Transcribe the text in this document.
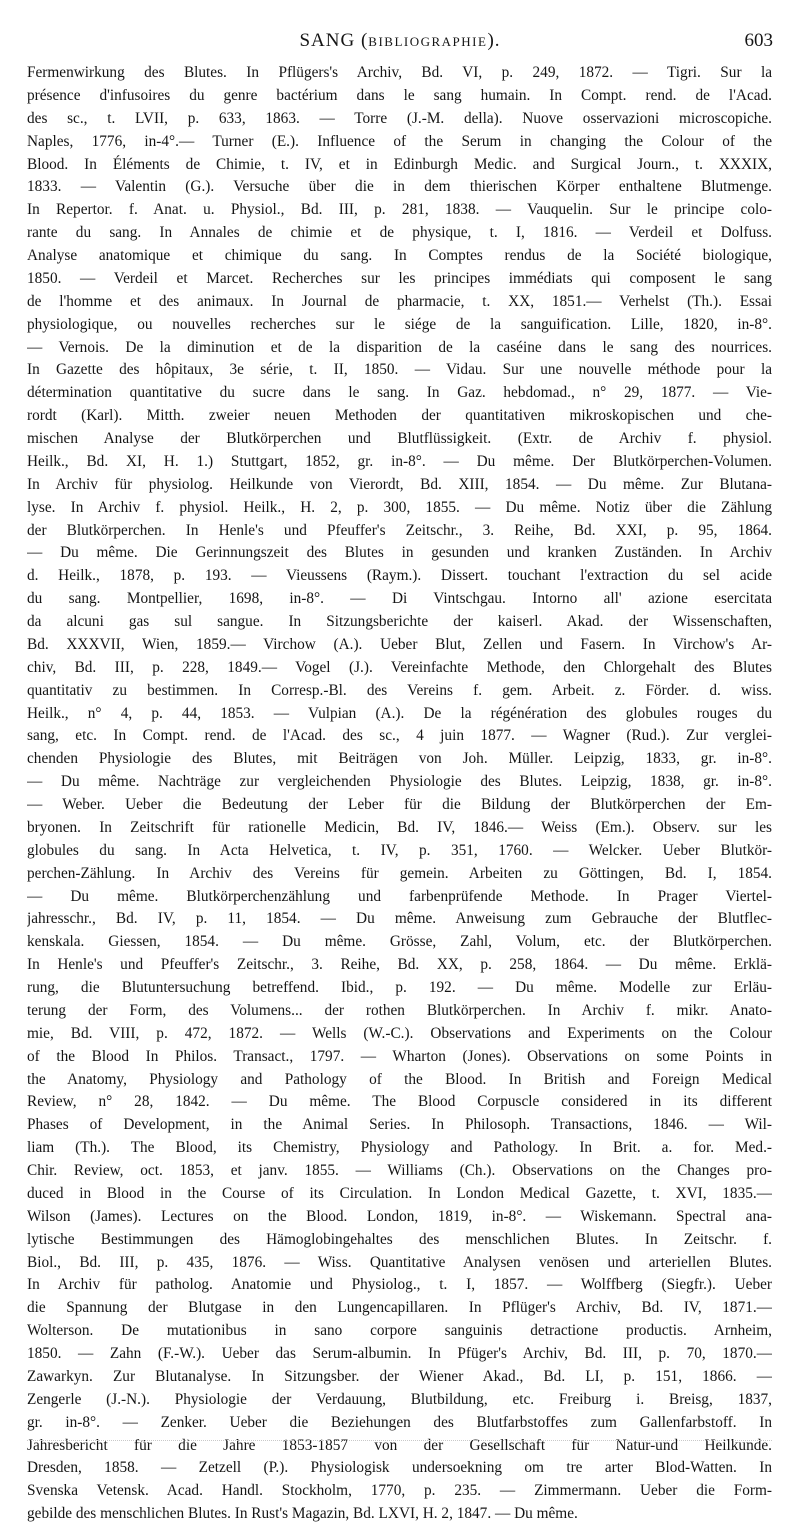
SANG (bibliographie).	603
Fermenwirkung des Blutes. In Pflügers's Archiv, Bd. VI, p. 249, 1872. — Tigri. Sur la
présence d'infusoires du genre bactérium dans le sang humain. In Compt. rend. de l'Acad.
des sc., t. LVII, p. 633, 1863. — Torre (J.-M. della). Nuove osservazioni microscopiche.
Naples, 1776, in-4°.— Turner (E.). Influence of the Serum in changing the Colour of the
Blood. In Éléments de Chimie, t. IV, et in Edinburgh Medic. and Surgical Journ., t. XXXIX,
1833. — Valentin (G.). Versuche über die in dem thierischen Körper enthaltene Blutmenge.
In Repertor. f. Anat. u. Physiol., Bd. III, p. 281, 1838. — Vauquelin. Sur le principe colo-
rante du sang. In Annales de chimie et de physique, t. I, 1816. — Verdeil et Dolfuss.
Analyse anatomique et chimique du sang. In Comptes rendus de la Société biologique,
1850. — Verdeil et Marcet. Recherches sur les principes immédiats qui composent le sang
de l'homme et des animaux. In Journal de pharmacie, t. XX, 1851.— Verhelst (Th.). Essai
physiologique, ou nouvelles recherches sur le siége de la sanguification. Lille, 1820, in-8°.
— Vernois. De la diminution et de la disparition de la caséine dans le sang des nourrices.
In Gazette des hôpitaux, 3e série, t. II, 1850. — Vidau. Sur une nouvelle méthode pour la
détermination quantitative du sucre dans le sang. In Gaz. hebdomad., n° 29, 1877. — Vie-
rordt (Karl). Mitth. zweier neuen Methoden der quantitativen mikroskopischen und che-
mischen Analyse der Blutkörperchen und Blutflüssigkeit. (Extr. de Archiv f. physiol.
Heilk., Bd. XI, H. 1.) Stuttgart, 1852, gr. in-8°. — Du même. Der Blutkörperchen-Volumen.
In Archiv für physiolog. Heilkunde von Vierordt, Bd. XIII, 1854. — Du même. Zur Blutana-
lyse. In Archiv f. physiol. Heilk., H. 2, p. 300, 1855. — Du même. Notiz über die Zählung
der Blutkörperchen. In Henle's und Pfeuffer's Zeitschr., 3. Reihe, Bd. XXI, p. 95, 1864.
— Du même. Die Gerinnungszeit des Blutes in gesunden und kranken Zuständen. In Archiv
d. Heilk., 1878, p. 193. — Vieussens (Raym.). Dissert. touchant l'extraction du sel acide
du sang. Montpellier, 1698, in-8°. — Di Vintschgau. Intorno all' azione esercitata
da alcuni gas sul sangue. In Sitzungsberichte der kaiserl. Akad. der Wissenschaften,
Bd. XXXVII, Wien, 1859.— Virchow (A.). Ueber Blut, Zellen und Fasern. In Virchow's Ar-
chiv, Bd. III, p. 228, 1849.— Vogel (J.). Vereinfachte Methode, den Chlorgehalt des Blutes
quantitativ zu bestimmen. In Corresp.-Bl. des Vereins f. gem. Arbeit. z. Förder. d. wiss.
Heilk., n° 4, p. 44, 1853. — Vulpian (A.). De la régénération des globules rouges du
sang, etc. In Compt. rend. de l'Acad. des sc., 4 juin 1877. — Wagner (Rud.). Zur verglei-
chenden Physiologie des Blutes, mit Beiträgen von Joh. Müller. Leipzig, 1833, gr. in-8°.
— Du même. Nachträge zur vergleichenden Physiologie des Blutes. Leipzig, 1838, gr. in-8°.
— Weber. Ueber die Bedeutung der Leber für die Bildung der Blutkörperchen der Em-
bryonen. In Zeitschrift für rationelle Medicin, Bd. IV, 1846.— Weiss (Em.). Observ. sur les
globules du sang. In Acta Helvetica, t. IV, p. 351, 1760. — Welcker. Ueber Blutkör-
perchen-Zählung. In Archiv des Vereins für gemein. Arbeiten zu Göttingen, Bd. I, 1854.
— Du même. Blutkörperchenzählung und farbenprüfende Methode. In Prager Viertel-
jahresschr., Bd. IV, p. 11, 1854. — Du même. Anweisung zum Gebrauche der Blutflec-
kenskala. Giessen, 1854. — Du même. Grösse, Zahl, Volum, etc. der Blutkörperchen.
In Henle's und Pfeuffer's Zeitschr., 3. Reihe, Bd. XX, p. 258, 1864. — Du même. Erklä-
rung, die Blutuntersuchung betreffend. Ibid., p. 192. — Du même. Modelle zur Erläu-
terung der Form, des Volumens... der rothen Blutkörperchen. In Archiv f. mikr. Anato-
mie, Bd. VIII, p. 472, 1872. — Wells (W.-C.). Observations and Experiments on the Colour
of the Blood In Philos. Transact., 1797. — Wharton (Jones). Observations on some Points in
the Anatomy, Physiology and Pathology of the Blood. In British and Foreign Medical
Review, n° 28, 1842. — Du même. The Blood Corpuscle considered in its different
Phases of Development, in the Animal Series. In Philosoph. Transactions, 1846. — Wil-
liam (Th.). The Blood, its Chemistry, Physiology and Pathology. In Brit. a. for. Med.-
Chir. Review, oct. 1853, et janv. 1855. — Williams (Ch.). Observations on the Changes pro-
duced in Blood in the Course of its Circulation. In London Medical Gazette, t. XVI, 1835.—
Wilson (James). Lectures on the Blood. London, 1819, in-8°. — Wiskemann. Spectral ana-
lytische Bestimmungen des Hämoglobingehaltes des menschlichen Blutes. In Zeitschr. f.
Biol., Bd. III, p. 435, 1876. — Wiss. Quantitative Analysen venösen und arteriellen Blutes.
In Archiv für patholog. Anatomie und Physiolog., t. I, 1857. — Wolffberg (Siegfr.). Ueber
die Spannung der Blutgase in den Lungencapillaren. In Pflüger's Archiv, Bd. IV, 1871.—
Wolterson. De mutationibus in sano corpore sanguinis detractione productis. Arnheim,
1850. — Zahn (F.-W.). Ueber das Serum-albumin. In Pfüger's Archiv, Bd. III, p. 70, 1870.—
Zawarkyn. Zur Blutanalyse. In Sitzungsber. der Wiener Akad., Bd. LI, p. 151, 1866. —
Zengerle (J.-N.). Physiologie der Verdauung, Blutbildung, etc. Freiburg i. Breisg, 1837,
gr. in-8°. — Zenker. Ueber die Beziehungen des Blutfarbstoffes zum Gallenfarbstoff. In
Jahresbericht für die Jahre 1853-1857 von der Gesellschaft für Natur-und Heilkunde.
Dresden, 1858. — Zetzell (P.). Physiologisk undersoekning om tre arter Blod-Watten. In
Svenska Vetensk. Acad. Handl. Stockholm, 1770, p. 235. — Zimmermann. Ueber die Form-
gebilde des menschlichen Blutes. In Rust's Magazin, Bd. LXVI, H. 2, 1847. — Du même.
